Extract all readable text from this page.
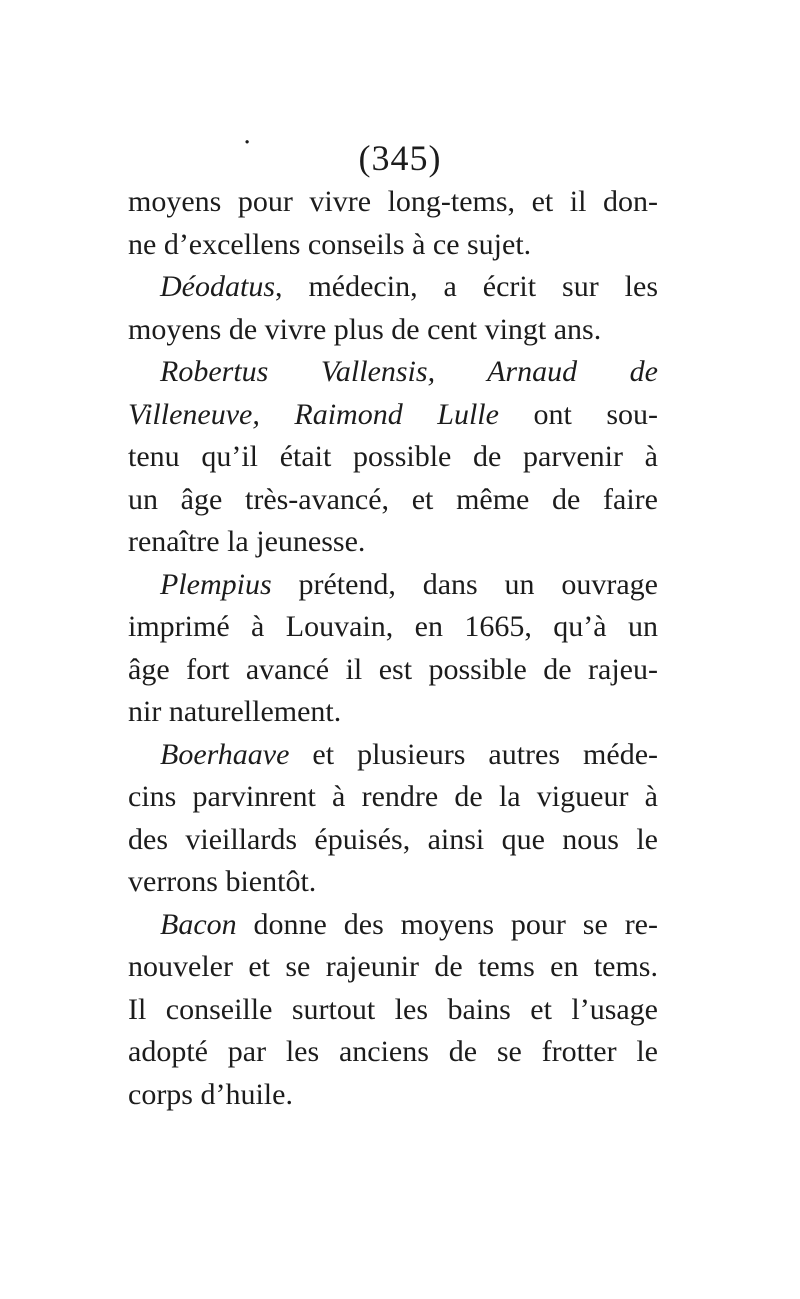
·	(345)
moyens pour vivre long-tems, et il don-
ne d’excellens conseils à ce sujet.
Déodatus, médecin, a écrit sur les
moyens de vivre plus de cent vingt ans.
Robertus Vallensis, Arnaud de
Villeneuve, Raimond Lulle ont sou-
tenu qu’il était possible de parvenir à
un âge très-avancé, et même de faire
renaître la jeunesse.
Plempius prétend, dans un ouvrage
imprimé à Louvain, en 1665, qu’à un
âge fort avancé il est possible de rajeu-
nir naturellement.
Boerhaave et plusieurs autres méde-
cins parvinrent à rendre de la vigueur à
des vieillards épuisés, ainsi que nous le
verrons bientôt.
Bacon donne des moyens pour se re-
nouveler et se rajeunir de tems en tems.
Il conseille surtout les bains et l’usage
adopté par les anciens de se frotter le
corps d’huile.
